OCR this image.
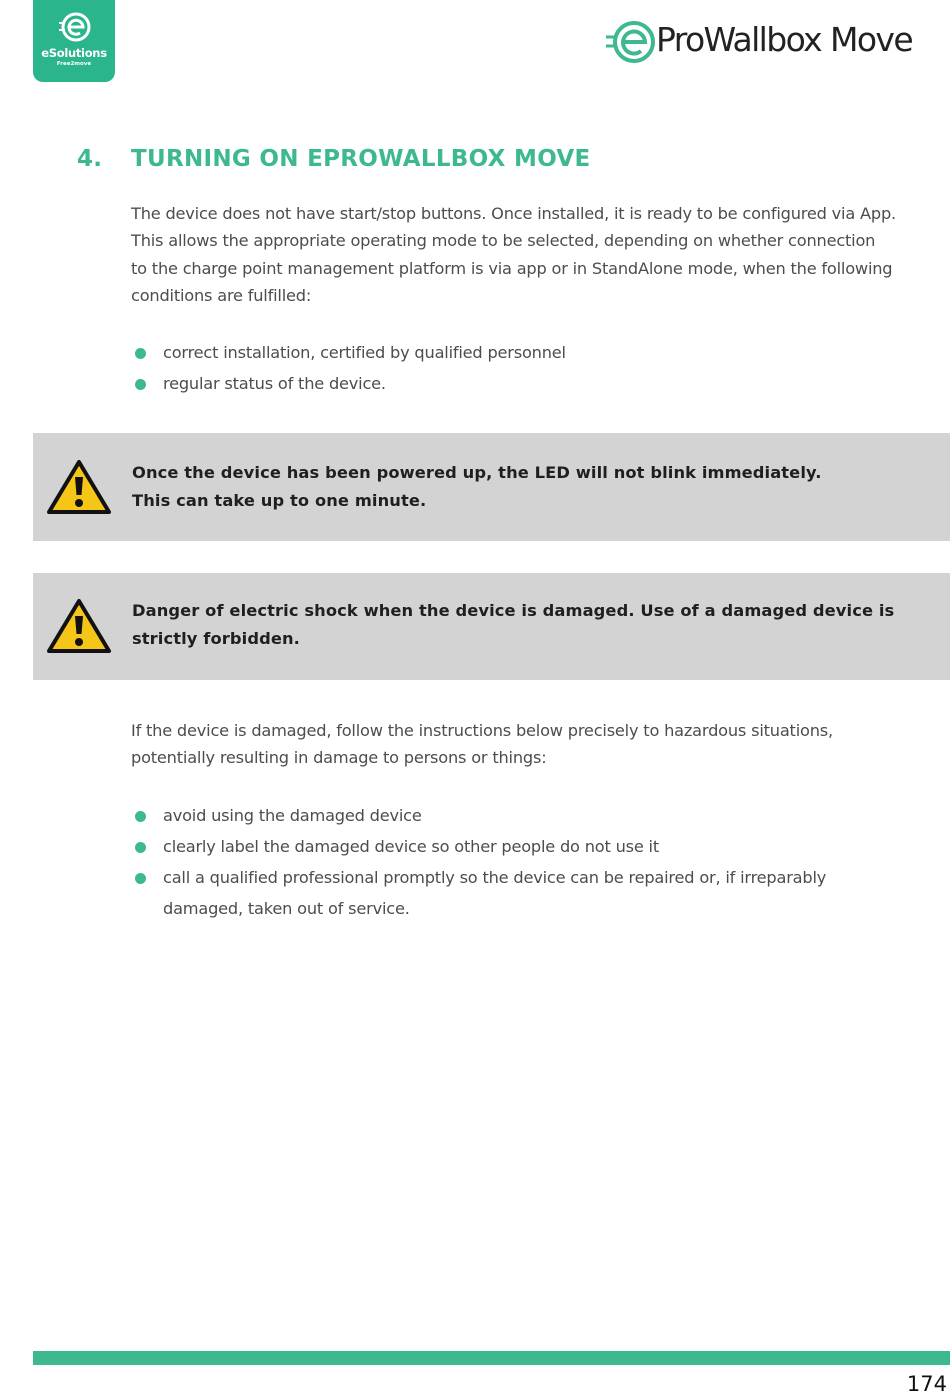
eSolutions
Free2move
ProWallbox Move
4. TURNING ON EPROWALLBOX MOVE

The device does not have start/stop buttons. Once installed, it is ready to be configured via App.
This allows the appropriate operating mode to be selected, depending on whether connection
to the charge point management platform is via app or in StandAlone mode, when the following
conditions are fulfilled:

correct installation, certified by qualified personnel
regular status of the device.

Once the device has been powered up, the LED will not blink immediately.
This can take up to one minute.

Danger of electric shock when the device is damaged. Use of a damaged device is
strictly forbidden.

If the device is damaged, follow the instructions below precisely to hazardous situations,
potentially resulting in damage to persons or things:

avoid using the damaged device
clearly label the damaged device so other people do not use it
call a qualified professional promptly so the device can be repaired or, if irreparably damaged, taken out of service.
174
